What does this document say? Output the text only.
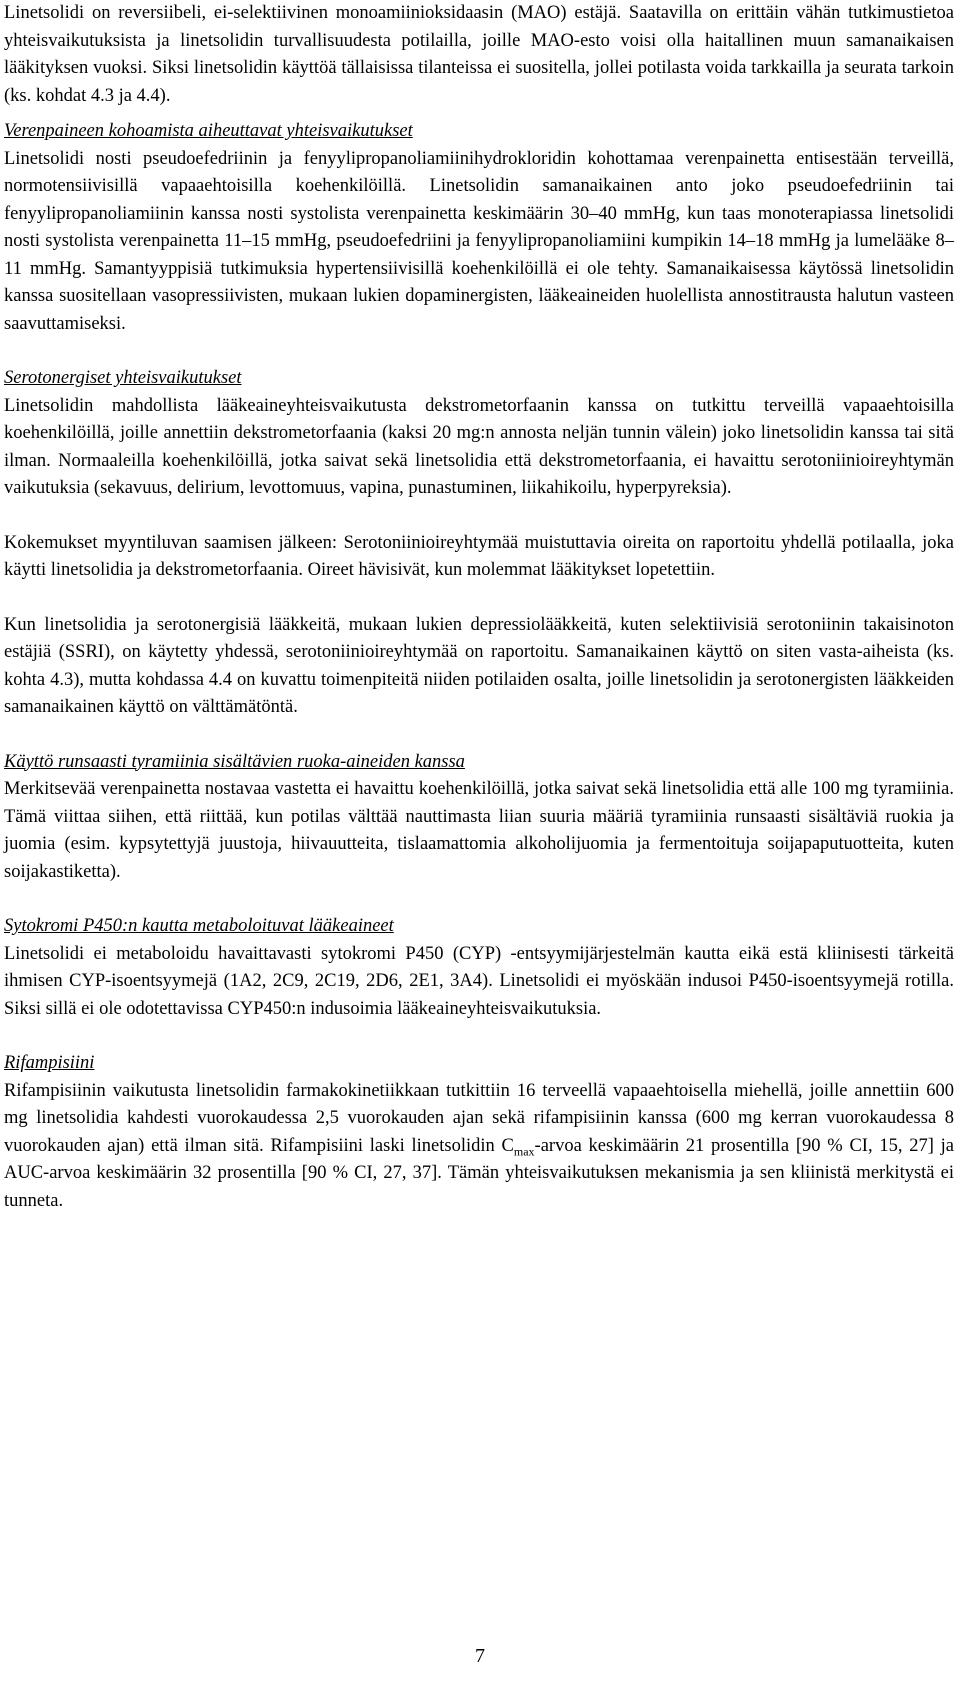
Linetsolidi on reversiibeli, ei-selektiivinen monoamiinioksidaasin (MAO) estäjä. Saatavilla on erittäin vähän tutkimustietoa yhteisvaikutuksista ja linetsolidin turvallisuudesta potilailla, joille MAO-esto voisi olla haitallinen muun samanaikaisen lääkityksen vuoksi. Siksi linetsolidin käyttöä tällaisissa tilanteissa ei suositella, jollei potilasta voida tarkkailla ja seurata tarkoin (ks. kohdat 4.3 ja 4.4).

Verenpaineen kohoamista aiheuttavat yhteisvaikutukset

Linetsolidi nosti pseudoefedriinin ja fenyylipropanoliamiinihydrokloridin kohottamaa verenpainetta entisestään terveillä, normotensiivisillä vapaaehtoisilla koehenkilöillä. Linetsolidin samanaikainen anto joko pseudoefedriinin tai fenyylipropanoliamiinin kanssa nosti systolista verenpainetta keskimäärin 30–40 mmHg, kun taas monoterapiassa linetsolidi nosti systolista verenpainetta 11–15 mmHg, pseudoefedriini ja fenyylipropanoliamiini kumpikin 14–18 mmHg ja lumelääke 8–11 mmHg. Samantyyppisiä tutkimuksia hypertensiivisillä koehenkilöillä ei ole tehty. Samanaikaisessa käytössä linetsolidin kanssa suositellaan vasopressiivisten, mukaan lukien dopaminergisten, lääkeaineiden huolellista annostitrausta halutun vasteen saavuttamiseksi.

Serotonergiset yhteisvaikutukset

Linetsolidin mahdollista lääkeaineyhteisvaikutusta dekstrometorfaanin kanssa on tutkittu terveillä vapaaehtoisilla koehenkilöillä, joille annettiin dekstrometorfaania (kaksi 20 mg:n annosta neljän tunnin välein) joko linetsolidin kanssa tai sitä ilman. Normaaleilla koehenkilöillä, jotka saivat sekä linetsolidia että dekstrometorfaania, ei havaittu serotoniinioireyhtymän vaikutuksia (sekavuus, delirium, levottomuus, vapina, punastuminen, liikahikoilu, hyperpyreksia).

Kokemukset myyntiluvan saamisen jälkeen: Serotoniinioireyhtymää muistuttavia oireita on raportoitu yhdellä potilaalla, joka käytti linetsolidia ja dekstrometorfaania. Oireet hävisivät, kun molemmat lääkitykset lopetettiin.

Kun linetsolidia ja serotonergisiä lääkkeitä, mukaan lukien depressiolääkkeitä, kuten selektiivisiä serotoniinin takaisinoton estäjiä (SSRI), on käytetty yhdessä, serotoniinioireyhtymää on raportoitu. Samanaikainen käyttö on siten vasta-aiheista (ks. kohta 4.3), mutta kohdassa 4.4 on kuvattu toimenpiteitä niiden potilaiden osalta, joille linetsolidin ja serotonergisten lääkkeiden samanaikainen käyttö on välttämätöntä.

Käyttö runsaasti tyramiinia sisältävien ruoka-aineiden kanssa

Merkitsevää verenpainetta nostavaa vastetta ei havaittu koehenkilöillä, jotka saivat sekä linetsolidia että alle 100 mg tyramiinia. Tämä viittaa siihen, että riittää, kun potilas välttää nauttimasta liian suuria määriä tyramiinia runsaasti sisältäviä ruokia ja juomia (esim. kypsytettyjä juustoja, hiivauutteita, tislaamattomia alkoholijuomia ja fermentoituja soijapaputuotteita, kuten soijakastiketta).

Sytokromi P450:n kautta metaboloituvat lääkeaineet

Linetsolidi ei metaboloidu havaittavasti sytokromi P450 (CYP) -entsyymijärjestelmän kautta eikä estä kliinisesti tärkeitä ihmisen CYP-isoentsyymejä (1A2, 2C9, 2C19, 2D6, 2E1, 3A4). Linetsolidi ei myöskään indusoi P450-isoentsyymejä rotilla. Siksi sillä ei ole odotettavissa CYP450:n indusoimia lääkeaineyhteisvaikutuksia.

Rifampisiini

Rifampisiinin vaikutusta linetsolidin farmakokinetiikkaan tutkittiin 16 terveellä vapaaehtoisella miehellä, joille annettiin 600 mg linetsolidia kahdesti vuorokaudessa 2,5 vuorokauden ajan sekä rifampisiinin kanssa (600 mg kerran vuorokaudessa 8 vuorokauden ajan) että ilman sitä. Rifampisiini laski linetsolidin $C_{max}$-arvoa keskimäärin 21 prosentilla [90 % CI, 15, 27] ja AUC-arvoa keskimäärin 32 prosentilla [90 % CI, 27, 37]. Tämän yhteisvaikutuksen mekanismia ja sen kliinistä merkitystä ei tunneta.

7
